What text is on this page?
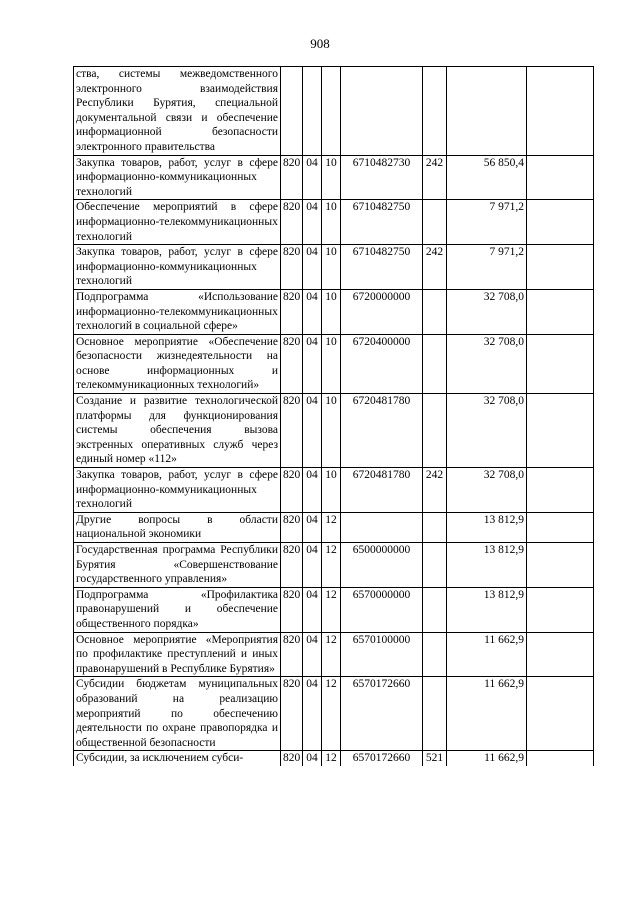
908
ства, системы межведомственного электронного взаимодействия Республики Бурятия, специальной документальной связи и обеспечение информационной безопасности электронного правительства							
Закупка товаров, работ, услуг в сфере информационно-коммуникационных технологий	820	04	10	6710482730	242	56 850,4	
Обеспечение мероприятий в сфере информационно-телекоммуникационных технологий	820	04	10	6710482750		7 971,2	
Закупка товаров, работ, услуг в сфере информационно-коммуникационных технологий	820	04	10	6710482750	242	7 971,2	
Подпрограмма «Использование информационно-телекоммуникационных технологий в социальной сфере»	820	04	10	6720000000		32 708,0	
Основное мероприятие «Обеспечение безопасности жизнедеятельности на основе информационных и телекоммуникационных технологий»	820	04	10	6720400000		32 708,0	
Создание и развитие технологической платформы для функционирования системы обеспечения вызова экстренных оперативных служб через единый номер «112»	820	04	10	6720481780		32 708,0	
Закупка товаров, работ, услуг в сфере информационно-коммуникационных технологий	820	04	10	6720481780	242	32 708,0	
Другие вопросы в области национальной экономики	820	04	12			13 812,9	
Государственная программа Республики Бурятия «Совершенствование государственного управления»	820	04	12	6500000000		13 812,9	
Подпрограмма «Профилактика правонарушений и обеспечение общественного порядка»	820	04	12	6570000000		13 812,9	
Основное мероприятие «Мероприятия по профилактике преступлений и иных правонарушений в Республике Бурятия»	820	04	12	6570100000		11 662,9	
Субсидии бюджетам муниципальных образований на реализацию мероприятий по обеспечению деятельности по охране правопорядка и общественной безопасности	820	04	12	6570172660		11 662,9	
Субсидии, за исключением субси-	820	04	12	6570172660	521	11 662,9	
